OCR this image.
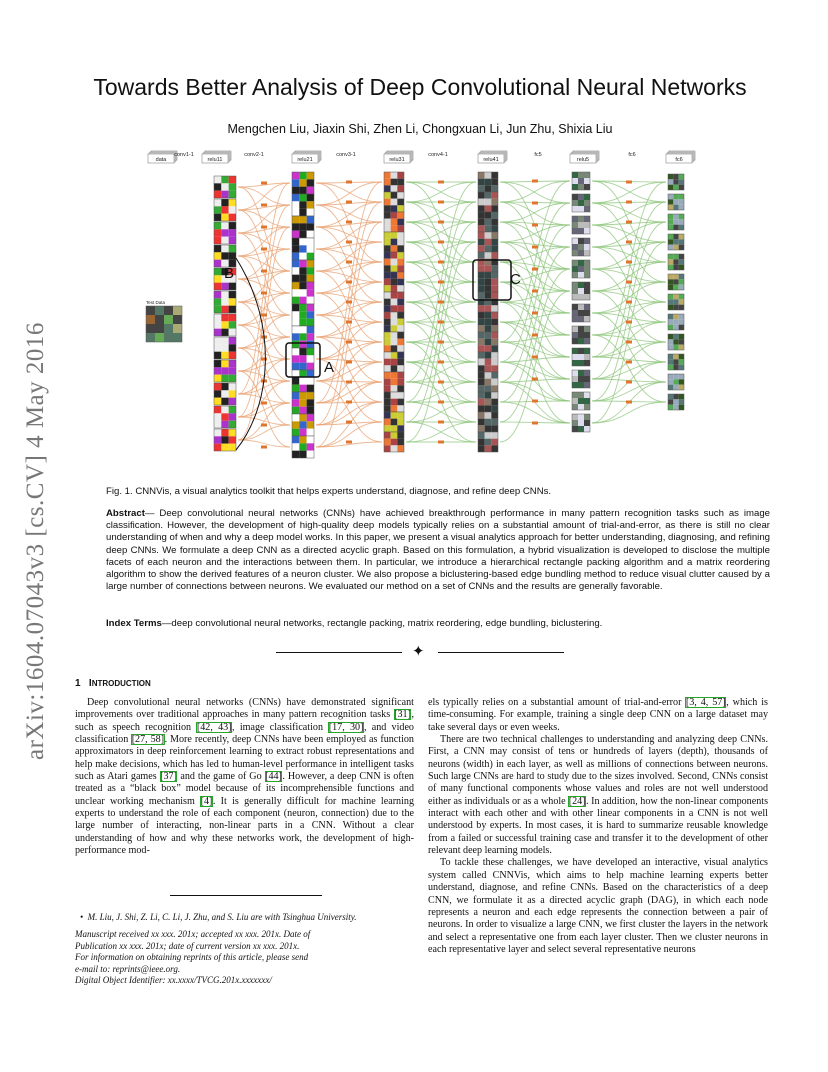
arXiv:1604.07043v3 [cs.CV] 4 May 2016
Towards Better Analysis of Deep Convolutional Neural Networks
Mengchen Liu, Jiaxin Shi, Zhen Li, Chongxuan Li, Jun Zhu, Shixia Liu
data
conv1-1
relu11
conv2-1
relu21
conv3-1
relu31
conv4-1
relu41
fc5
relu5
fc6
fc6
Test Data
A
B	C
Fig. 1. CNNVis, a visual analytics toolkit that helps experts understand, diagnose, and refine deep CNNs.
Abstract— Deep convolutional neural networks (CNNs) have achieved breakthrough performance in many pattern recognition tasks such as image classification. However, the development of high-quality deep models typically relies on a substantial amount of trial-and-error, as there is still no clear understanding of when and why a deep model works. In this paper, we present a visual analytics approach for better understanding, diagnosing, and refining deep CNNs. We formulate a deep CNN as a directed acyclic graph. Based on this formulation, a hybrid visualization is developed to disclose the multiple facets of each neuron and the interactions between them. In particular, we introduce a hierarchical rectangle packing algorithm and a matrix reordering algorithm to show the derived features of a neuron cluster. We also propose a biclustering-based edge bundling method to reduce visual clutter caused by a large number of connections between neurons. We evaluated our method on a set of CNNs and the results are generally favorable.
Index Terms—deep convolutional neural networks, rectangle packing, matrix reordering, edge bundling, biclustering.
✦
1 INTRODUCTION

Deep convolutional neural networks (CNNs) have demonstrated significant improvements over traditional approaches in many pattern recognition tasks [31], such as speech recognition [42, 43], image classification [17, 30], and video classification [27, 58]. More recently, deep CNNs have been employed as function approximators in deep reinforcement learning to extract robust representations and help make decisions, which has led to human-level performance in intelligent tasks such as Atari games [37] and the game of Go [44]. However, a deep CNN is often treated as a “black box” model because of its incomprehensible functions and unclear working mechanism [4]. It is generally difficult for machine learning experts to understand the role of each component (neuron, connection) due to the large number of interacting, non-linear parts in a CNN. Without a clear understanding of how and why these networks work, the development of high-performance mod-

els typically relies on a substantial amount of trial-and-error [3, 4, 57], which is time-consuming. For example, training a single deep CNN on a large dataset may take several days or even weeks.

There are two technical challenges to understanding and analyzing deep CNNs. First, a CNN may consist of tens or hundreds of layers (depth), thousands of neurons (width) in each layer, as well as millions of connections between neurons. Such large CNNs are hard to study due to the sizes involved. Second, CNNs consist of many functional components whose values and roles are not well understood either as individuals or as a whole [24]. In addition, how the non-linear components interact with each other and with other linear components in a CNN is not well understood by experts. In most cases, it is hard to summarize reusable knowledge from a failed or successful training case and transfer it to the development of other relevant deep learning models.

To tackle these challenges, we have developed an interactive, visual analytics system called CNNVis, which aims to help machine learning experts better understand, diagnose, and refine CNNs. Based on the characteristics of a deep CNN, we formulate it as a directed acyclic graph (DAG), in which each node represents a neuron and each edge represents the connection between a pair of neurons. In order to visualize a large CNN, we first cluster the layers in the network and select a representative one from each layer cluster. Then we cluster neurons in each representative layer and select several representative neurons

•  M. Liu, J. Shi, Z. Li, C. Li, J. Zhu, and S. Liu are with Tsinghua University.

Manuscript received xx xxx. 201x; accepted xx xxx. 201x. Date of

Publication xx xxx. 201x; date of current version xx xxx. 201x.

For information on obtaining reprints of this article, please send

e-mail to: reprints@ieee.org.

Digital Object Identifier: xx.xxxx/TVCG.201x.xxxxxxx/
